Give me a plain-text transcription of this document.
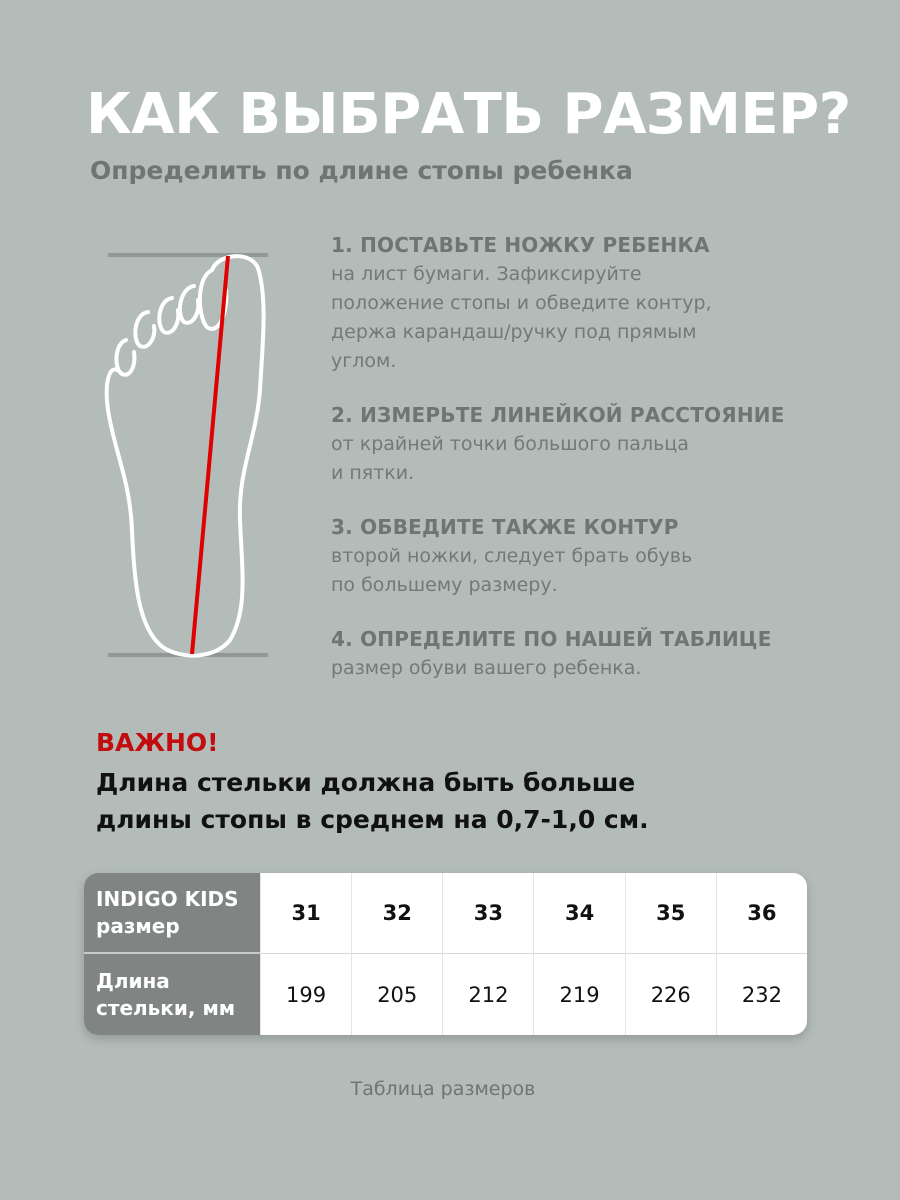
КАК ВЫБРАТЬ РАЗМЕР?
Определить по длине стопы ребенка
1. ПОСТАВЬТЕ НОЖКУ РЕБЕНКА
на лист бумаги. Зафиксируйте
положение стопы и обведите контур,
держа карандаш/ручку под прямым
углом.
2. ИЗМЕРЬТЕ ЛИНЕЙКОЙ РАССТОЯНИЕ
от крайней точки большого пальца
и пятки.
3. ОБВЕДИТЕ ТАКЖЕ КОНТУР
второй ножки, следует брать обувь
по большему размеру.
4. ОПРЕДЕЛИТЕ ПО НАШЕЙ ТАБЛИЦЕ
размер обуви вашего ребенка.
ВАЖНО!
Длина стельки должна быть больше
длины стопы в среднем на 0,7-1,0 см.
INDIGO KIDS
размер
31	32	33	34	35	36
Длина
стельки, мм
199	205	212	219	226	232
Таблица размеров
